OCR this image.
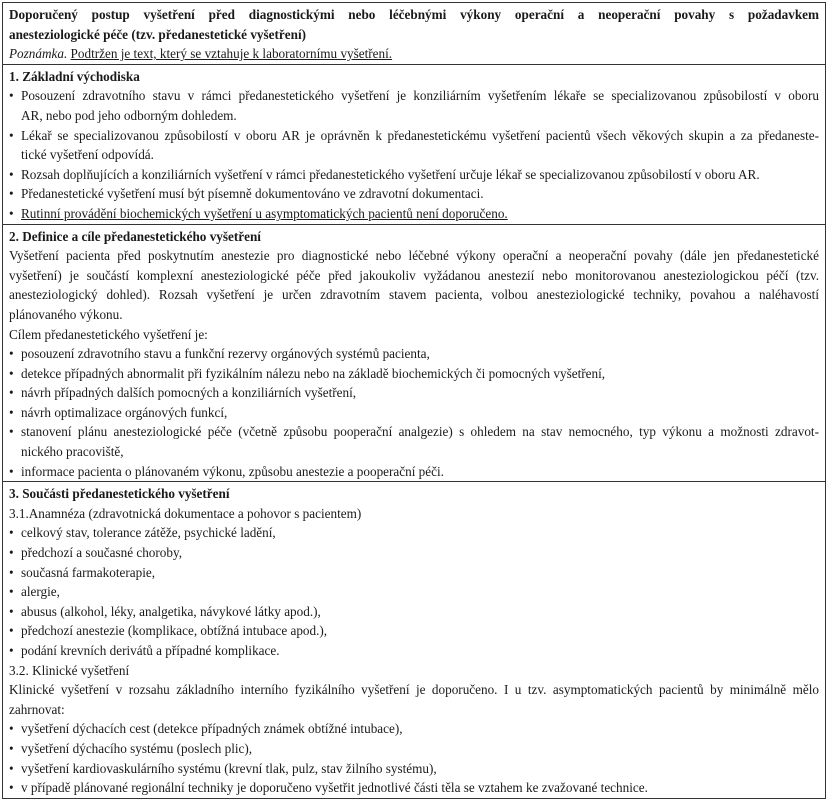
Doporučený postup vyšetření před diagnostickými nebo léčebnými výkony operační a neoperační povahy s požadavkem
anesteziologické péče (tzv. předanestetické vyšetření)
Poznámka. Podtržen je text, který se vztahuje k laboratornímu vyšetření.
1. Základní východiska
• Posouzení zdravotního stavu v rámci předanestetického vyšetření je konziliárním vyšetřením lékaře se specializovanou způsobilostí v oboru
AR, nebo pod jeho odborným dohledem.
• Lékař se specializovanou způsobilostí v oboru AR je oprávněn k předanestetickému vyšetření pacientů všech věkových skupin a za předaneste-
tické vyšetření odpovídá.
• Rozsah doplňujících a konziliárních vyšetření v rámci předanestetického vyšetření určuje lékař se specializovanou způsobilostí v oboru AR.
• Předanestetické vyšetření musí být písemně dokumentováno ve zdravotní dokumentaci.
• Rutinní provádění biochemických vyšetření u asymptomatických pacientů není doporučeno.
2. Definice a cíle předanestetického vyšetření
Vyšetření pacienta před poskytnutím anestezie pro diagnostické nebo léčebné výkony operační a neoperační povahy (dále jen předanestetické
vyšetření) je součástí komplexní anesteziologické péče před jakoukoliv vyžádanou anestezií nebo monitorovanou anesteziologickou péčí (tzv.
anesteziologický dohled). Rozsah vyšetření je určen zdravotním stavem pacienta, volbou anesteziologické techniky, povahou a naléhavostí
plánovaného výkonu.
Cílem předanestetického vyšetření je:
• posouzení zdravotního stavu a funkční rezervy orgánových systémů pacienta,
• detekce případných abnormalit při fyzikálním nálezu nebo na základě biochemických či pomocných vyšetření,
• návrh případných dalších pomocných a konziliárních vyšetření,
• návrh optimalizace orgánových funkcí,
• stanovení plánu anesteziologické péče (včetně způsobu pooperační analgezie) s ohledem na stav nemocného, typ výkonu a možnosti zdravot-
nického pracoviště,
• informace pacienta o plánovaném výkonu, způsobu anestezie a pooperační péči.
3. Součásti předanestetického vyšetření
3.1.Anamnéza (zdravotnická dokumentace a pohovor s pacientem)
• celkový stav, tolerance zátěže, psychické ladění,
• předchozí a současné choroby,
• současná farmakoterapie,
• alergie,
• abusus (alkohol, léky, analgetika, návykové látky apod.),
• předchozí anestezie (komplikace, obtížná intubace apod.),
• podání krevních derivátů a případné komplikace.
3.2. Klinické vyšetření
Klinické vyšetření v rozsahu základního interního fyzikálního vyšetření je doporučeno. I u tzv. asymptomatických pacientů by minimálně mělo
zahrnovat:
• vyšetření dýchacích cest (detekce případných známek obtížné intubace),
• vyšetření dýchacího systému (poslech plic),
• vyšetření kardiovaskulárního systému (krevní tlak, pulz, stav žilního systému),
• v případě plánované regionální techniky je doporučeno vyšetřit jednotlivé části těla se vztahem ke zvažované technice.
